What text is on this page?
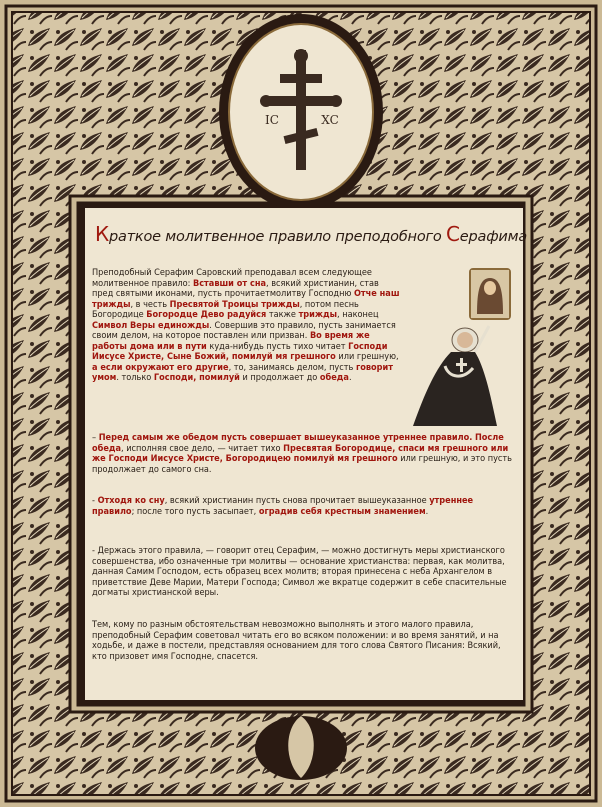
IC	XC
Краткое молитвенное правило преподобного Серафима
Преподобный Серафим Саровский преподавал всем следующее молитвенное правило: Вставши от сна, всякий христианин, став пред святыми иконами, пусть прочитаетмолитву Господню Отче наш трижды, в честь Пресвятой Троицы трижды, потом песнь Богородице Богородце Дево радуйся также трижды, наконец Символ Веры единожды. Совершив это правило, пусть занимается своим делом, на которое поставлен или призван. Во время же работы дома или в пути куда-нибудь пусть тихо читает Господи Иисусе Христе, Сыне Божий, помилуй мя грешного или грешную, а если окружают его другие, то, занимаясь делом, пусть говорит умом. только Господи, помилуй и продолжает до обеда.
– Перед самым же обедом пусть совершает вышеуказанное утреннее правило. После обеда, исполняя свое дело, — читает тихо Пресвятая Богородице, спаси мя грешного или же Господи Иисусе Христе, Богородицею помилуй мя грешного или грешную, и это пусть продолжает до самого сна.
- Отходя ко сну, всякий христианин пусть снова прочитает вышеуказанное утреннее правило; после того пусть засыпает, оградив себя крестным знамением.
- Держась этого правила, — говорит отец Серафим, — можно достигнуть меры христианского совершенства, ибо означенные три молитвы — основание христианства: первая, как молитва, данная Самим Господом, есть образец всех молитв; вторая принесена с небa Архангелом в приветствие Деве Марии, Матери Господа; Символ же вкратце содержит в себе спасительные догматы христианской веры.
Тем, кому по разным обстоятельствам невозможно выполнять и этого малого правила, преподобный Серафим советовал читать его во всяком положении: и во время занятий, и на ходьбе, и даже в постели, представляя основанием для того слова Святого Писания: Всякий, кто призовет имя Господне, спасется.
